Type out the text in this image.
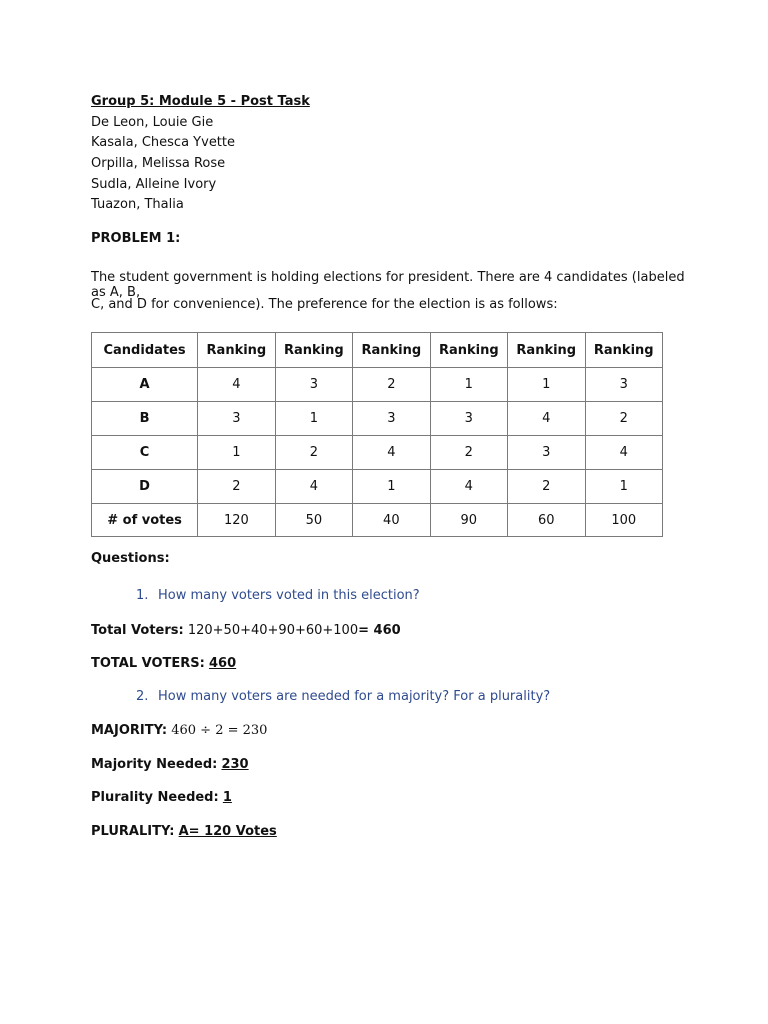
Group 5: Module 5 - Post Task
De Leon, Louie Gie
Kasala, Chesca Yvette
Orpilla, Melissa Rose
Sudla, Alleine Ivory
Tuazon, Thalia
PROBLEM 1:
The student government is holding elections for president. There are 4 candidates (labeled as A, B,
C, and D for convenience). The preference for the election is as follows:
Candidates	Ranking	Ranking	Ranking	Ranking	Ranking	Ranking
A	4	3	2	1	1	3
B	3	1	3	3	4	2
C	1	2	4	2	3	4
D	2	4	1	4	2	1
# of votes	120	50	40	90	60	100
Questions:
1. How many voters voted in this election?
Total Voters: 120+50+40+90+60+100= 460
TOTAL VOTERS: 460
2. How many voters are needed for a majority? For a plurality?
MAJORITY: 460 ÷ 2 = 230
Majority Needed: 230
Plurality Needed: 1
PLURALITY: A= 120 Votes
